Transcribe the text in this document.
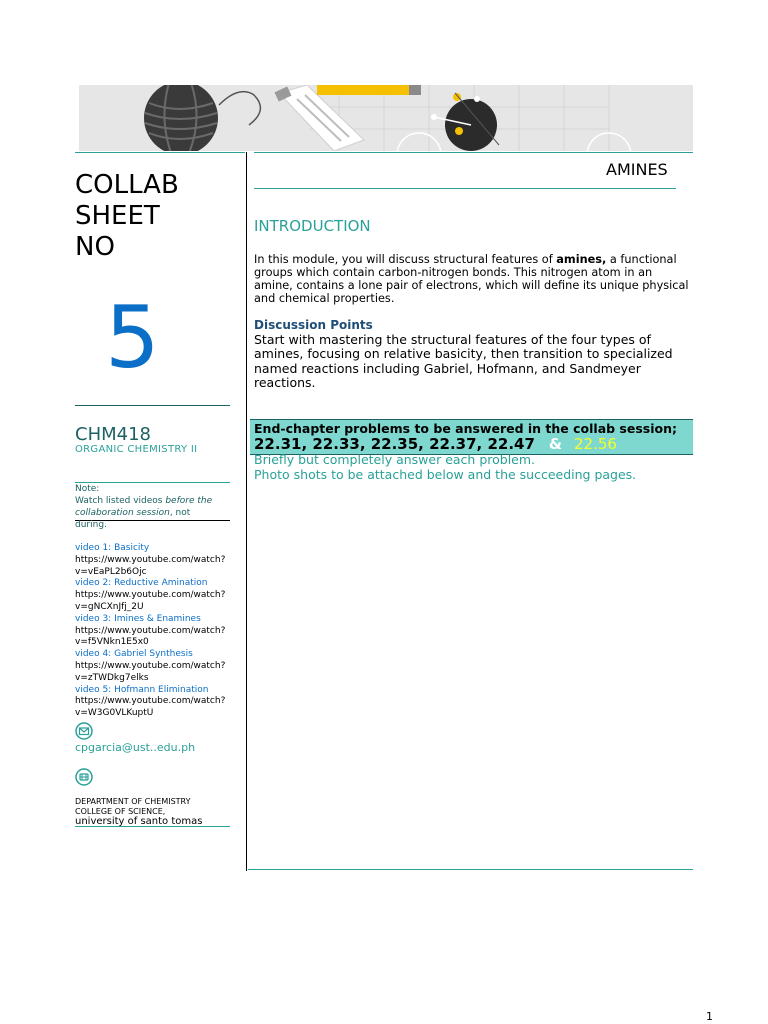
COLLAB
SHEET
NO
5
CHM418
ORGANIC CHEMISTRY II
Note:
Watch listed videos before the collaboration session, not during.
video 1: Basicity
https://www.youtube.com/watch?
v=vEaPL2b6Ojc
video 2: Reductive Amination
https://www.youtube.com/watch?
v=gNCXnJfj_2U
video 3: Imines & Enamines
https://www.youtube.com/watch?
v=f5VNkn1E5x0
video 4: Gabriel Synthesis
https://www.youtube.com/watch?
v=zTWDkg7elks
video 5: Hofmann Elimination
https://www.youtube.com/watch?
v=W3G0VLKuptU
cpgarcia@ust..edu.ph
DEPARTMENT OF CHEMISTRY
COLLEGE OF SCIENCE,
university of santo tomas
AMINES
INTRODUCTION
In this module, you will discuss structural features of amines, a functional groups which contain carbon-nitrogen bonds. This nitrogen atom in an amine, contains a lone pair of electrons, which will define its unique physical and chemical properties.
Discussion Points
Start with mastering the structural features of the four types of amines, focusing on relative basicity, then transition to specialized named reactions including Gabriel, Hofmann, and Sandmeyer reactions.
End-chapter problems to be answered in the collab session;
22.31, 22.33, 22.35, 22.37, 22.47 & 22.56
Briefly but completely answer each problem.
Photo shots to be attached below and the succeeding pages.
1
